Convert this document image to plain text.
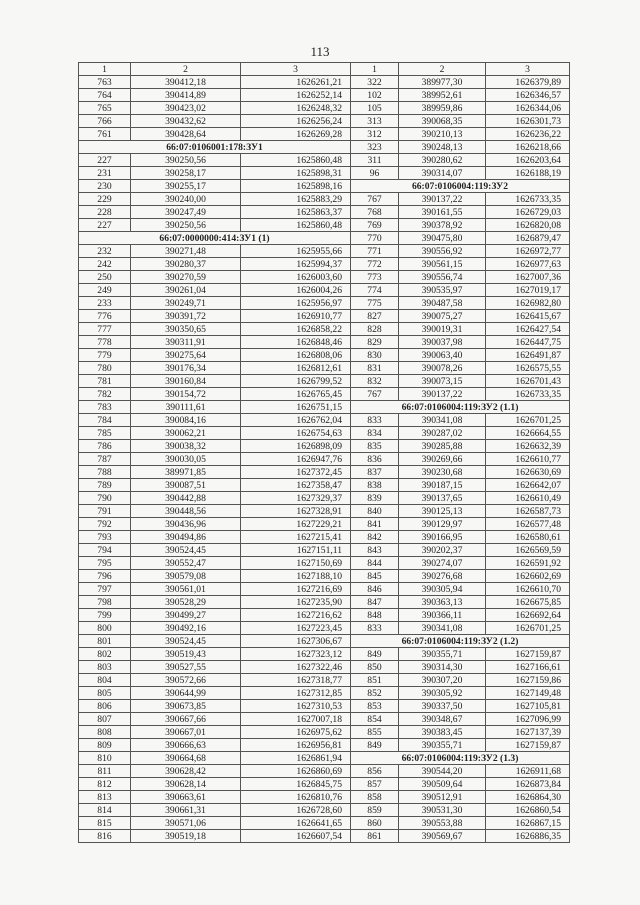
113
1	2	3	1	2	3
763	390412,18	1626261,21	322	389977,30	1626379,89
764	390414,89	1626252,14	102	389952,61	1626346,57
765	390423,02	1626248,32	105	389959,86	1626344,06
766	390432,62	1626256,24	313	390068,35	1626301,73
761	390428,64	1626269,28	312	390210,13	1626236,22
66:07:0106001:178:ЗУ1			323	390248,13	1626218,66
227	390250,56	1625860,48	311	390280,62	1626203,64
231	390258,17	1625898,31	96	390314,07	1626188,19
230	390255,17	1625898,16	66:07:0106004:119:ЗУ2		
229	390240,00	1625883,29	767	390137,22	1626733,35
228	390247,49	1625863,37	768	390161,55	1626729,03
227	390250,56	1625860,48	769	390378,92	1626820,08
66:07:0000000:414:ЗУ1 (1)			770	390475,80	1626879,47
232	390271,48	1625955,66	771	390556,92	1626972,77
242	390280,37	1625994,37	772	390561,15	1626977,63
250	390270,59	1626003,60	773	390556,74	1627007,36
249	390261,04	1626004,26	774	390535,97	1627019,17
233	390249,71	1625956,97	775	390487,58	1626982,80
776	390391,72	1626910,77	827	390075,27	1626415,67
777	390350,65	1626858,22	828	390019,31	1626427,54
778	390311,91	1626848,46	829	390037,98	1626447,75
779	390275,64	1626808,06	830	390063,40	1626491,87
780	390176,34	1626812,61	831	390078,26	1626575,55
781	390160,84	1626799,52	832	390073,15	1626701,43
782	390154,72	1626765,45	767	390137,22	1626733,35
783	390111,61	1626751,15	66:07:0106004:119:ЗУ2 (1.1)		
784	390084,16	1626762,04	833	390341,08	1626701,25
785	390062,21	1626754,63	834	390287,02	1626664,55
786	390038,32	1626898,09	835	390285,88	1626632,39
787	390030,05	1626947,76	836	390269,66	1626610,77
788	389971,85	1627372,45	837	390230,68	1626630,69
789	390087,51	1627358,47	838	390187,15	1626642,07
790	390442,88	1627329,37	839	390137,65	1626610,49
791	390448,56	1627328,91	840	390125,13	1626587,73
792	390436,96	1627229,21	841	390129,97	1626577,48
793	390494,86	1627215,41	842	390166,95	1626580,61
794	390524,45	1627151,11	843	390202,37	1626569,59
795	390552,47	1627150,69	844	390274,07	1626591,92
796	390579,08	1627188,10	845	390276,68	1626602,69
797	390561,01	1627216,69	846	390305,94	1626610,70
798	390528,29	1627235,90	847	390363,13	1626675,85
799	390499,27	1627216,62	848	390366,11	1626692,64
800	390492,16	1627223,45	833	390341,08	1626701,25
801	390524,45	1627306,67	66:07:0106004:119:ЗУ2 (1.2)		
802	390519,43	1627323,12	849	390355,71	1627159,87
803	390527,55	1627322,46	850	390314,30	1627166,61
804	390572,66	1627318,77	851	390307,20	1627159,86
805	390644,99	1627312,85	852	390305,92	1627149,48
806	390673,85	1627310,53	853	390337,50	1627105,81
807	390667,66	1627007,18	854	390348,67	1627096,99
808	390667,01	1626975,62	855	390383,45	1627137,39
809	390666,63	1626956,81	849	390355,71	1627159,87
810	390664,68	1626861,94	66:07:0106004:119:ЗУ2 (1.3)		
811	390628,42	1626860,69	856	390544,20	1626911,68
812	390628,14	1626845,75	857	390509,64	1626873,84
813	390663,61	1626810,76	858	390512,91	1626864,30
814	390661,31	1626728,60	859	390531,30	1626860,54
815	390571,06	1626641,65	860	390553,88	1626867,15
816	390519,18	1626607,54	861	390569,67	1626886,35
